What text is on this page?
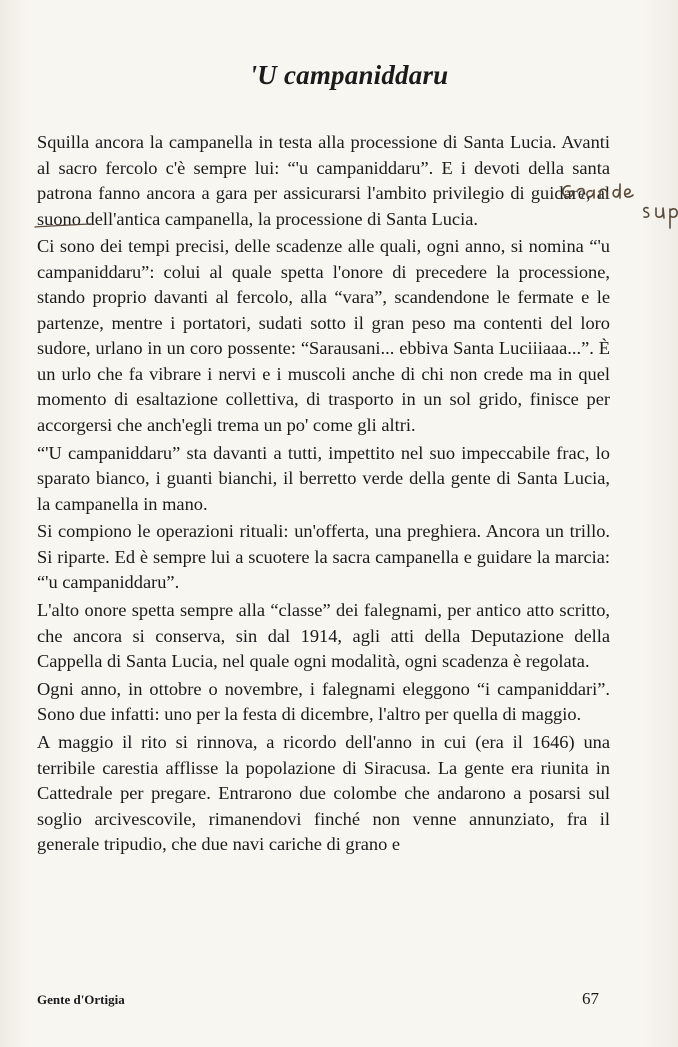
'U campaniddaru

Squilla ancora la campanella in testa alla processione di Santa Lucia. Avanti al sacro fercolo c'è sempre lui: “'u campaniddaru”. E i devoti della santa patrona fanno ancora a gara per assicurarsi l'ambito privilegio di guidare, al suono dell'antica campanella, la processione di Santa Lucia.

Ci sono dei tempi precisi, delle scadenze alle quali, ogni anno, si nomina “'u campaniddaru”: colui al quale spetta l'onore di precedere la processione, stando proprio davanti al fercolo, alla “vara”, scandendone le fermate e le partenze, mentre i portatori, sudati sotto il gran peso ma contenti del loro sudore, urlano in un coro possente: “Sarausani... ebbiva Santa Luciiiaaa...”. È un urlo che fa vibrare i nervi e i muscoli anche di chi non crede ma in quel momento di esaltazione collettiva, di trasporto in un sol grido, finisce per accorgersi che anch'egli trema un po' come gli altri.

“'U campaniddaru” sta davanti a tutti, impettito nel suo impeccabile frac, lo sparato bianco, i guanti bianchi, il berretto verde della gente di Santa Lucia, la campanella in mano.

Si compiono le operazioni rituali: un'offerta, una preghiera. Ancora un trillo. Si riparte. Ed è sempre lui a scuotere la sacra campanella e guidare la marcia: “'u campaniddaru”.

L'alto onore spetta sempre alla “classe” dei falegnami, per antico atto scritto, che ancora si conserva, sin dal 1914, agli atti della Deputazione della Cappella di Santa Lucia, nel quale ogni modalità, ogni scadenza è regolata.

Ogni anno, in ottobre o novembre, i falegnami eleggono “i campaniddari”. Sono due infatti: uno per la festa di dicembre, l'altro per quella di maggio.

A maggio il rito si rinnova, a ricordo dell'anno in cui (era il 1646) una terribile carestia afflisse la popolazione di Siracusa. La gente era riunita in Cattedrale per pregare. Entrarono due colombe che andarono a posarsi sul soglio arcivescovile, rimanendovi finché non venne annunziato, fra il generale tripudio, che due navi cariche di grano e

Gente d'Ortigia	67
